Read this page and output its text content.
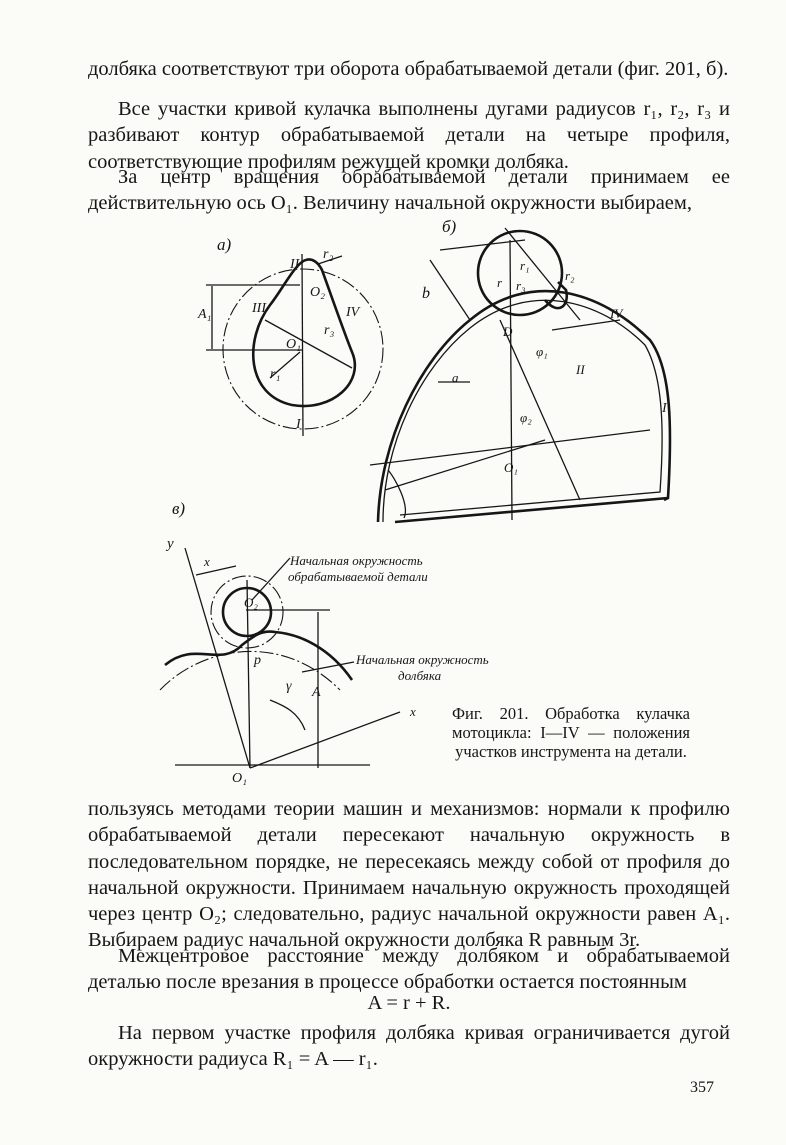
долбяка соответствуют три оборота обрабатываемой детали (фиг. 201, б).

Все участки кривой кулачка выполнены дугами радиусов r₁, r₂, r₃ и разбивают контур обрабатываемой детали на четыре профиля, соответствующие профилям режущей кромки долбяка.

За центр вращения обрабатываемой детали принимаем ее действительную ось O₁. Величину начальной окружности выбираем,

а)
II
r₂
O₂
A₁	III	IV
r₃
O₁
r₁
I
б)
r₁
r₂
r₃
r
b
D
IV
φ₁
II
a
φ₂
I
O₁
в)
y
x
O₂
p
γ A
x
O₁
Начальная окружность
обрабатываемой детали
Начальная окружность
долбяка
Фиг. 201. Обработка кулачка мотоцикла: I—IV — положения участков инструмента на детали.

пользуясь методами теории машин и механизмов: нормали к профилю обрабатываемой детали пересекают начальную окружность в последовательном порядке, не пересекаясь между собой от профиля до начальной окружности. Принимаем начальную окружность проходящей через центр O₂; следовательно, радиус начальной окружности равен A₁. Выбираем радиус начальной окружности долбяка R равным 3r.

Межцентровое расстояние между долбяком и обрабатываемой деталью после врезания в процессе обработки остается постоянным

A = r + R.

На первом участке профиля долбяка кривая ограничивается дугой окружности радиуса R₁ = A — r₁.

357
